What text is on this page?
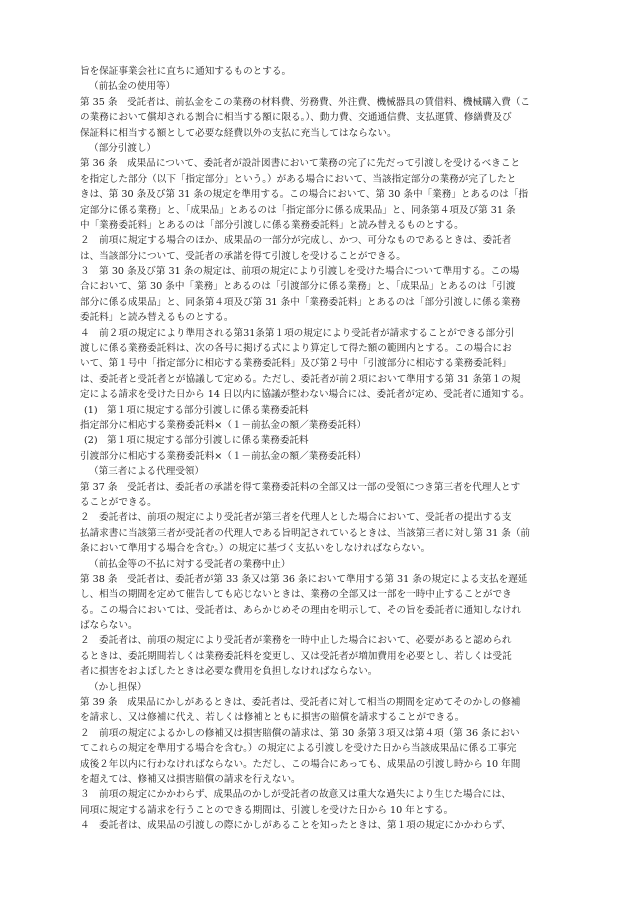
旨を保証事業会社に直ちに通知するものとする。
（前払金の使用等）
第 35 条　受託者は、前払金をこの業務の材料費、労務費、外注費、機械器具の賃借料、機械購入費（こ
の業務において償却される割合に相当する額に限る。）、動力費、交通通信費、支払運賃、修繕費及び
保証料に相当する額として必要な経費以外の支払に充当してはならない。
（部分引渡し）
第 36 条　成果品について、委託者が設計図書において業務の完了に先だって引渡しを受けるべきこと
を指定した部分（以下「指定部分」という。）がある場合において、当該指定部分の業務が完了したと
きは、第 30 条及び第 31 条の規定を準用する。この場合において、第 30 条中「業務」とあるのは「指
定部分に係る業務」と、「成果品」とあるのは「指定部分に係る成果品」と、同条第４項及び第 31 条
中「業務委託料」とあるのは「部分引渡しに係る業務委託料」と読み替えるものとする。
２　前項に規定する場合のほか、成果品の一部分が完成し、かつ、可分なものであるときは、委託者
は、当該部分について、受託者の承諾を得て引渡しを受けることができる。
３　第 30 条及び第 31 条の規定は、前項の規定により引渡しを受けた場合について準用する。この場
合において、第 30 条中「業務」とあるのは「引渡部分に係る業務」と、「成果品」とあるのは「引渡
部分に係る成果品」と、同条第４項及び第 31 条中「業務委託料」とあるのは「部分引渡しに係る業務
委託料」と読み替えるものとする。
４　前２項の規定により準用される第31条第１項の規定により受託者が請求することができる部分引
渡しに係る業務委託料は、次の各号に掲げる式により算定して得た額の範囲内とする。この場合にお
いて、第１号中「指定部分に相応する業務委託料」及び第２号中「引渡部分に相応する業務委託料」
は、委託者と受託者とが協議して定める。ただし、委託者が前２項において準用する第 31 条第１の規
定による請求を受けた日から 14 日以内に協議が整わない場合には、委託者が定め、受託者に通知する。
(1)　第１項に規定する部分引渡しに係る業務委託料
指定部分に相応する業務委託料×（１－前払金の額／業務委託料）
(2)　第１項に規定する部分引渡しに係る業務委託料
引渡部分に相応する業務委託料×（１－前払金の額／業務委託料）
（第三者による代理受領）
第 37 条　受託者は、委託者の承諾を得て業務委託料の全部又は一部の受領につき第三者を代理人とす
ることができる。
２　委託者は、前項の規定により受託者が第三者を代理人とした場合において、受託者の提出する支
払請求書に当該第三者が受託者の代理人である旨明記されているときは、当該第三者に対し第 31 条（前
条において準用する場合を含む。）の規定に基づく支払いをしなければならない。
（前払金等の不払に対する受託者の業務中止）
第 38 条　受託者は、委託者が第 33 条又は第 36 条において準用する第 31 条の規定による支払を遅延
し、相当の期間を定めて催告しても応じないときは、業務の全部又は一部を一時中止することができ
る。この場合においては、受託者は、あらかじめその理由を明示して、その旨を委託者に通知しなけれ
ばならない。
２　委託者は、前項の規定により受託者が業務を一時中止した場合において、必要があると認められ
るときは、委託期間若しくは業務委託料を変更し、又は受託者が増加費用を必要とし、若しくは受託
者に損害をおよぼしたときは必要な費用を負担しなければならない。
（かし担保）
第 39 条　成果品にかしがあるときは、委託者は、受託者に対して相当の期間を定めてそのかしの修補
を請求し、又は修補に代え、若しくは修補とともに損害の賠償を請求することができる。
２　前項の規定によるかしの修補又は損害賠償の請求は、第 30 条第３項又は第４項（第 36 条におい
てこれらの規定を準用する場合を含む。）の規定による引渡しを受けた日から当該成果品に係る工事完
成後２年以内に行わなければならない。ただし、この場合にあっても、成果品の引渡し時から 10 年間
を超えては、修補又は損害賠償の請求を行えない。
３　前項の規定にかかわらず、成果品のかしが受託者の故意又は重大な過失により生じた場合には、
同項に規定する請求を行うことのできる期間は、引渡しを受けた日から 10 年とする。
４　委託者は、成果品の引渡しの際にかしがあることを知ったときは、第１項の規定にかかわらず、
